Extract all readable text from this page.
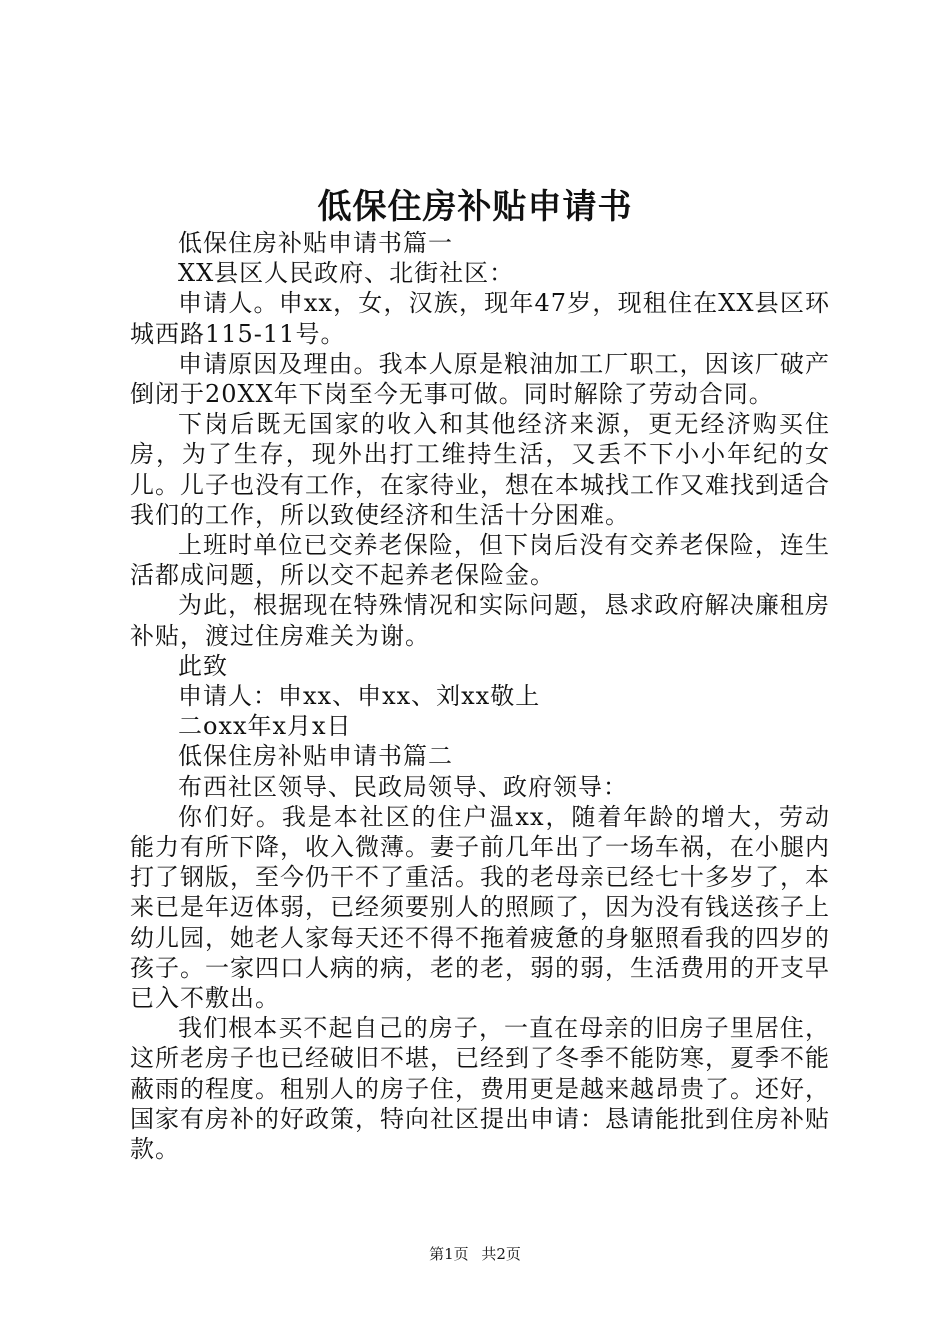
低保住房补贴申请书

低保住房补贴申请书篇一

XX县区人民政府、北街社区：

申请人。申xx，女，汉族，现年47岁，现租住在XX县区环城西路115-11号。

申请原因及理由。我本人原是粮油加工厂职工，因该厂破产倒闭于20XX年下岗至今无事可做。同时解除了劳动合同。

下岗后既无国家的收入和其他经济来源，更无经济购买住房，为了生存，现外出打工维持生活，又丢不下小小年纪的女儿。儿子也没有工作，在家待业，想在本城找工作又难找到适合我们的工作，所以致使经济和生活十分困难。

上班时单位已交养老保险，但下岗后没有交养老保险，连生活都成问题，所以交不起养老保险金。

为此，根据现在特殊情况和实际问题，恳求政府解决廉租房补贴，渡过住房难关为谢。

此致

申请人：申xx、申xx、刘xx敬上

二oxx年x月x日

低保住房补贴申请书篇二

布西社区领导、民政局领导、政府领导：

你们好。我是本社区的住户温xx，随着年龄的增大，劳动能力有所下降，收入微薄。妻子前几年出了一场车祸，在小腿内打了钢版，至今仍干不了重活。我的老母亲已经七十多岁了，本来已是年迈体弱，已经须要别人的照顾了，因为没有钱送孩子上幼儿园，她老人家每天还不得不拖着疲惫的身躯照看我的四岁的孩子。一家四口人病的病，老的老，弱的弱，生活费用的开支早已入不敷出。

我们根本买不起自己的房子，一直在母亲的旧房子里居住，这所老房子也已经破旧不堪，已经到了冬季不能防寒，夏季不能蔽雨的程度。租别人的房子住，费用更是越来越昂贵了。还好，国家有房补的好政策，特向社区提出申请：恳请能批到住房补贴款。

第1页 共2页
